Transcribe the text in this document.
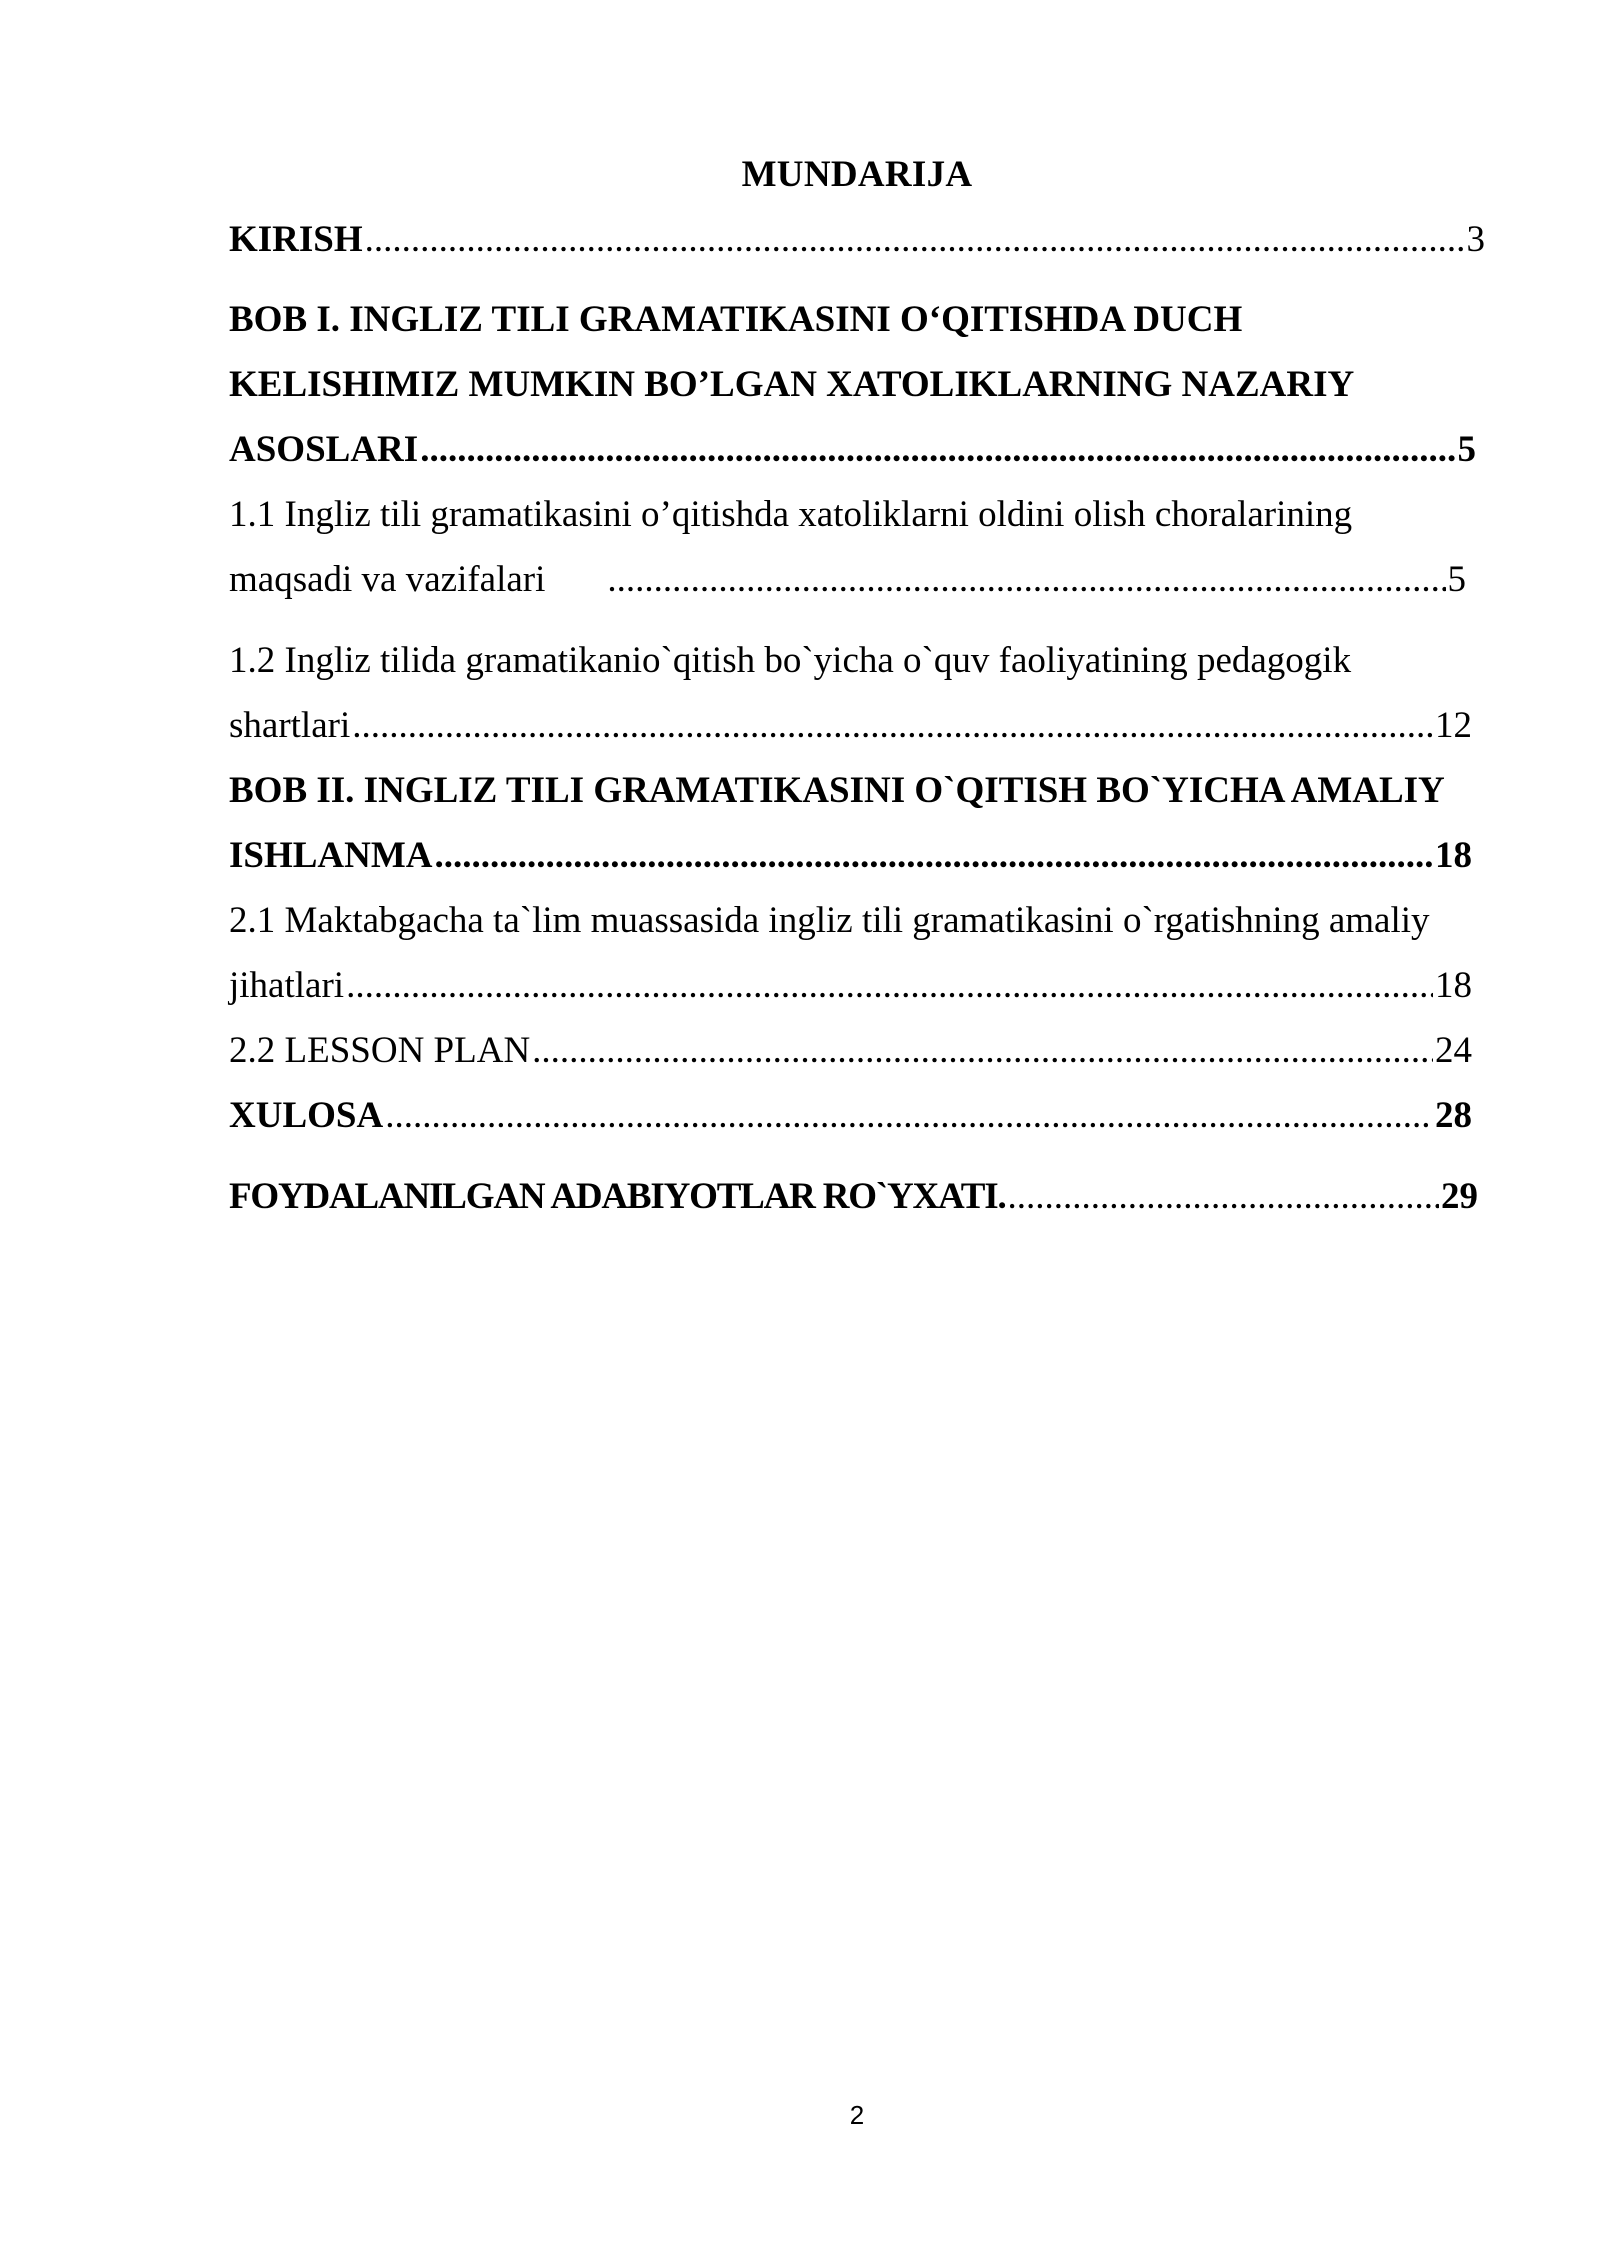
MUNDARIJA
KIRISH .....	3
BOB I. INGLIZ TILI GRAMATIKASINI O‘QITISHDA DUCH
KELISHIMIZ MUMKIN BO’LGAN XATOLIKLARNING NAZARIY
ASOSLARI .....	5
1.1 Ingliz tili gramatikasini o’qitishda xatoliklarni oldini olish choralarining
maqsadi va vazifalari .....	5
1.2 Ingliz tilida gramatikanio`qitish bo`yicha o`quv faoliyatining pedagogik
shartlari .....	12
BOB II. INGLIZ TILI GRAMATIKASINI O`QITISH BO`YICHA AMALIY
ISHLANMA .....	18
2.1 Maktabgacha ta`lim muassasida ingliz tili gramatikasini o`rgatishning amaliy
jihatlari .....	18
2.2 LESSON PLAN .....	24
XULOSA .....	28
FOYDALANILGAN ADABIYOTLAR RO`YXATI. .....	29
2
